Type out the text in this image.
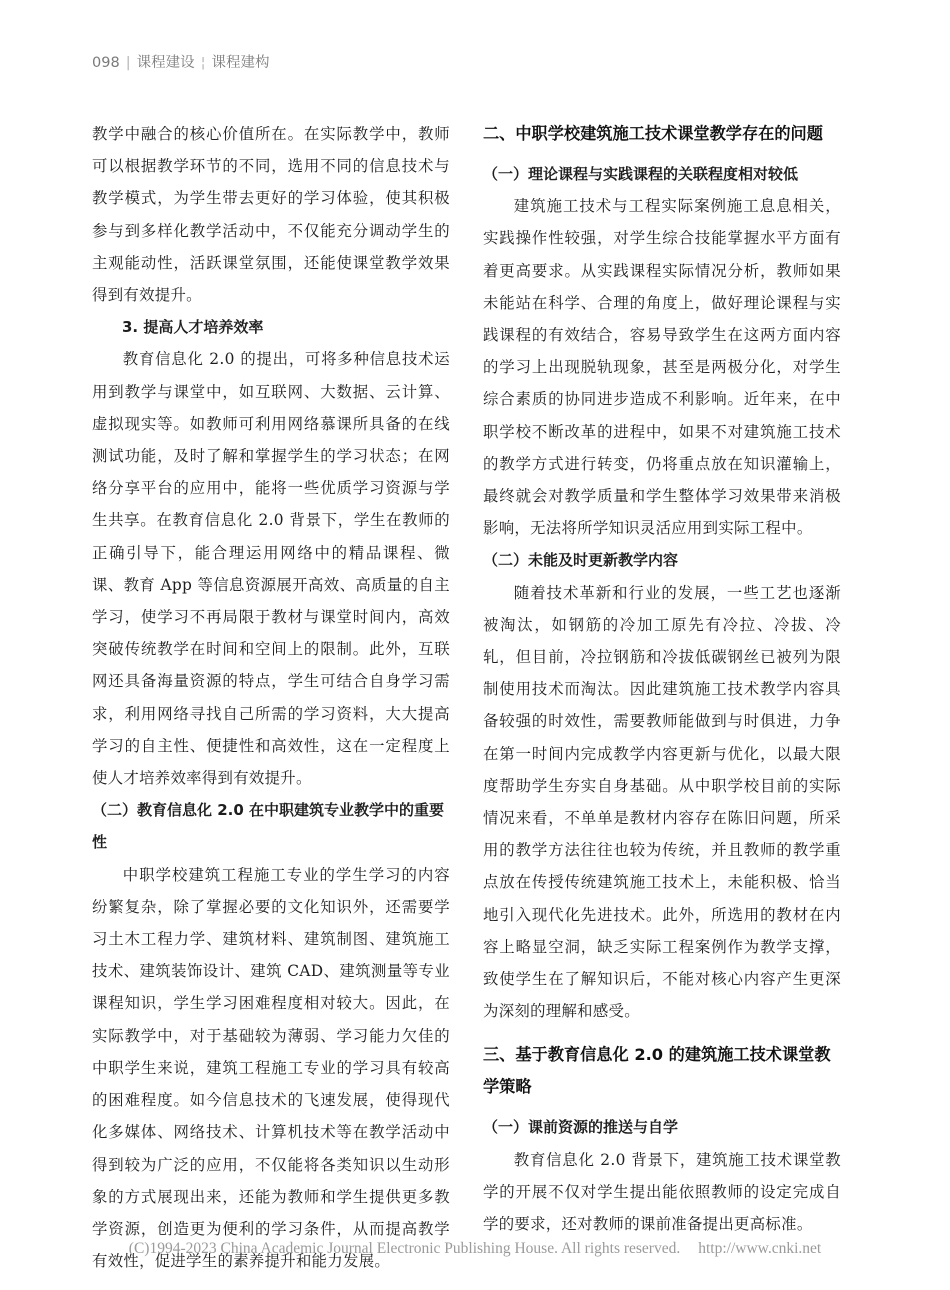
098 | 课程建设 ¦ 课程建构

教学中融合的核心价值所在。在实际教学中，教师可以根据教学环节的不同，选用不同的信息技术与教学模式，为学生带去更好的学习体验，使其积极参与到多样化教学活动中，不仅能充分调动学生的主观能动性，活跃课堂氛围，还能使课堂教学效果得到有效提升。

3. 提高人才培养效率

教育信息化 2.0 的提出，可将多种信息技术运用到教学与课堂中，如互联网、大数据、云计算、虚拟现实等。如教师可利用网络慕课所具备的在线测试功能，及时了解和掌握学生的学习状态；在网络分享平台的应用中，能将一些优质学习资源与学生共享。在教育信息化 2.0 背景下，学生在教师的正确引导下，能合理运用网络中的精品课程、微课、教育 App 等信息资源展开高效、高质量的自主学习，使学习不再局限于教材与课堂时间内，高效突破传统教学在时间和空间上的限制。此外，互联网还具备海量资源的特点，学生可结合自身学习需求，利用网络寻找自己所需的学习资料，大大提高学习的自主性、便捷性和高效性，这在一定程度上使人才培养效率得到有效提升。

（二）教育信息化 2.0 在中职建筑专业教学中的重要性

中职学校建筑工程施工专业的学生学习的内容纷繁复杂，除了掌握必要的文化知识外，还需要学习土木工程力学、建筑材料、建筑制图、建筑施工技术、建筑装饰设计、建筑 CAD、建筑测量等专业课程知识，学生学习困难程度相对较大。因此，在实际教学中，对于基础较为薄弱、学习能力欠佳的中职学生来说，建筑工程施工专业的学习具有较高的困难程度。如今信息技术的飞速发展，使得现代化多媒体、网络技术、计算机技术等在教学活动中得到较为广泛的应用，不仅能将各类知识以生动形象的方式展现出来，还能为教师和学生提供更多教学资源，创造更为便利的学习条件，从而提高教学有效性，促进学生的素养提升和能力发展。

二、中职学校建筑施工技术课堂教学存在的问题

（一）理论课程与实践课程的关联程度相对较低

建筑施工技术与工程实际案例施工息息相关，实践操作性较强，对学生综合技能掌握水平方面有着更高要求。从实践课程实际情况分析，教师如果未能站在科学、合理的角度上，做好理论课程与实践课程的有效结合，容易导致学生在这两方面内容的学习上出现脱轨现象，甚至是两极分化，对学生综合素质的协同进步造成不利影响。近年来，在中职学校不断改革的进程中，如果不对建筑施工技术的教学方式进行转变，仍将重点放在知识灌输上，最终就会对教学质量和学生整体学习效果带来消极影响，无法将所学知识灵活应用到实际工程中。

（二）未能及时更新教学内容

随着技术革新和行业的发展，一些工艺也逐渐被淘汰，如钢筋的冷加工原先有冷拉、冷拔、冷轧，但目前，冷拉钢筋和冷拔低碳钢丝已被列为限制使用技术而淘汰。因此建筑施工技术教学内容具备较强的时效性，需要教师能做到与时俱进，力争在第一时间内完成教学内容更新与优化，以最大限度帮助学生夯实自身基础。从中职学校目前的实际情况来看，不单单是教材内容存在陈旧问题，所采用的教学方法往往也较为传统，并且教师的教学重点放在传授传统建筑施工技术上，未能积极、恰当地引入现代化先进技术。此外，所选用的教材在内容上略显空洞，缺乏实际工程案例作为教学支撑，致使学生在了解知识后，不能对核心内容产生更深为深刻的理解和感受。

三、基于教育信息化 2.0 的建筑施工技术课堂教学策略

（一）课前资源的推送与自学

教育信息化 2.0 背景下，建筑施工技术课堂教学的开展不仅对学生提出能依照教师的设定完成自学的要求，还对教师的课前准备提出更高标准。

(C)1994-2023 China Academic Journal Electronic Publishing House. All rights reserved. http://www.cnki.net
